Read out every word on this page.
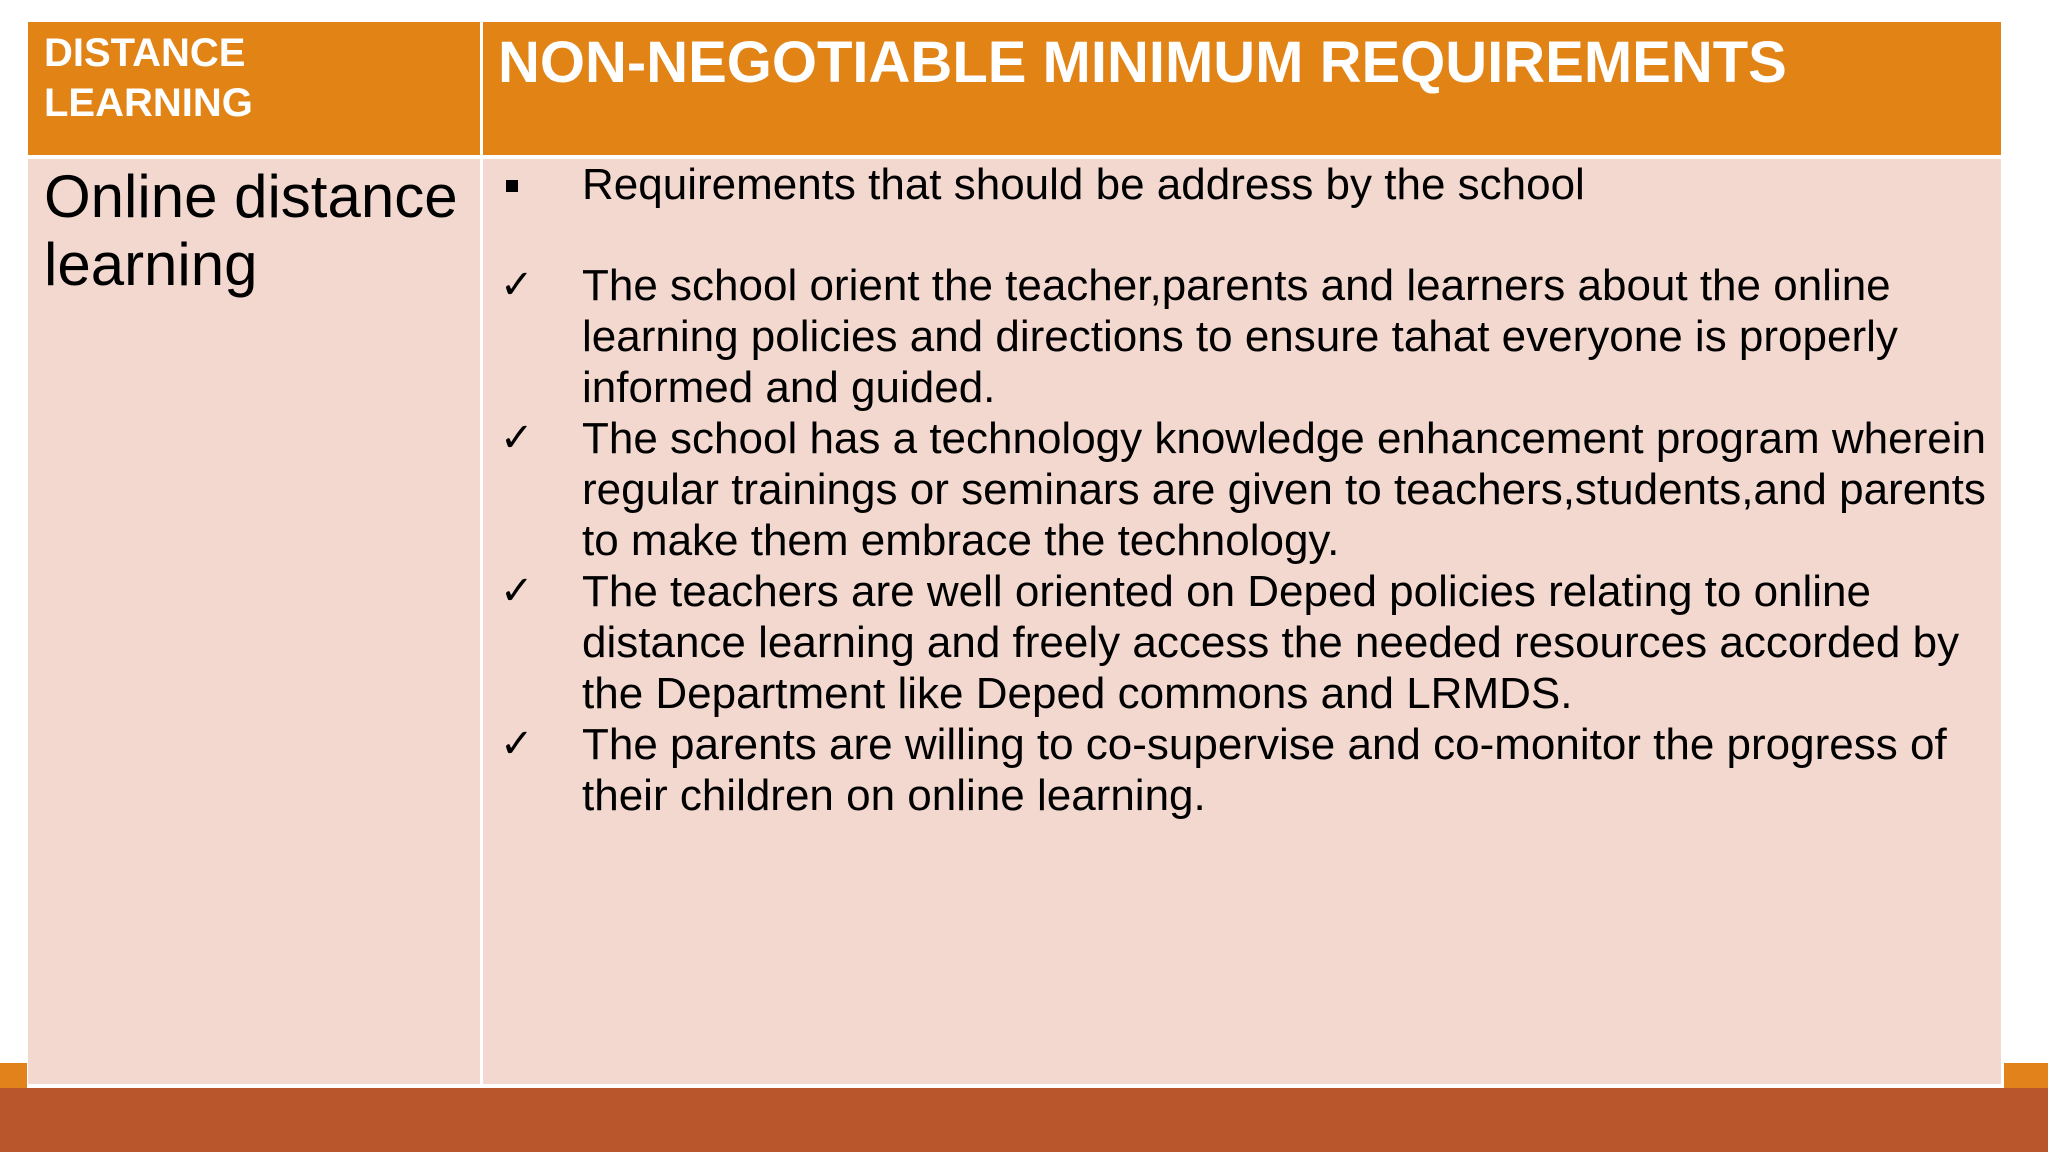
DISTANCE LEARNING
NON-NEGOTIABLE MINIMUM REQUIREMENTS
Online distance learning
Requirements that should be address by the school
✓ The school orient the teacher,parents and learners about the online learning policies and directions to ensure tahat everyone is properly informed and guided.
✓ The school has a technology knowledge enhancement program wherein regular trainings or seminars are given to teachers,students,and parents to make them embrace the technology.
✓ The teachers are well oriented on Deped policies relating to online distance learning and freely access the needed resources accorded by the Department like Deped commons and LRMDS.
✓ The parents are willing to co-supervise and co-monitor the progress of their children on online learning.
